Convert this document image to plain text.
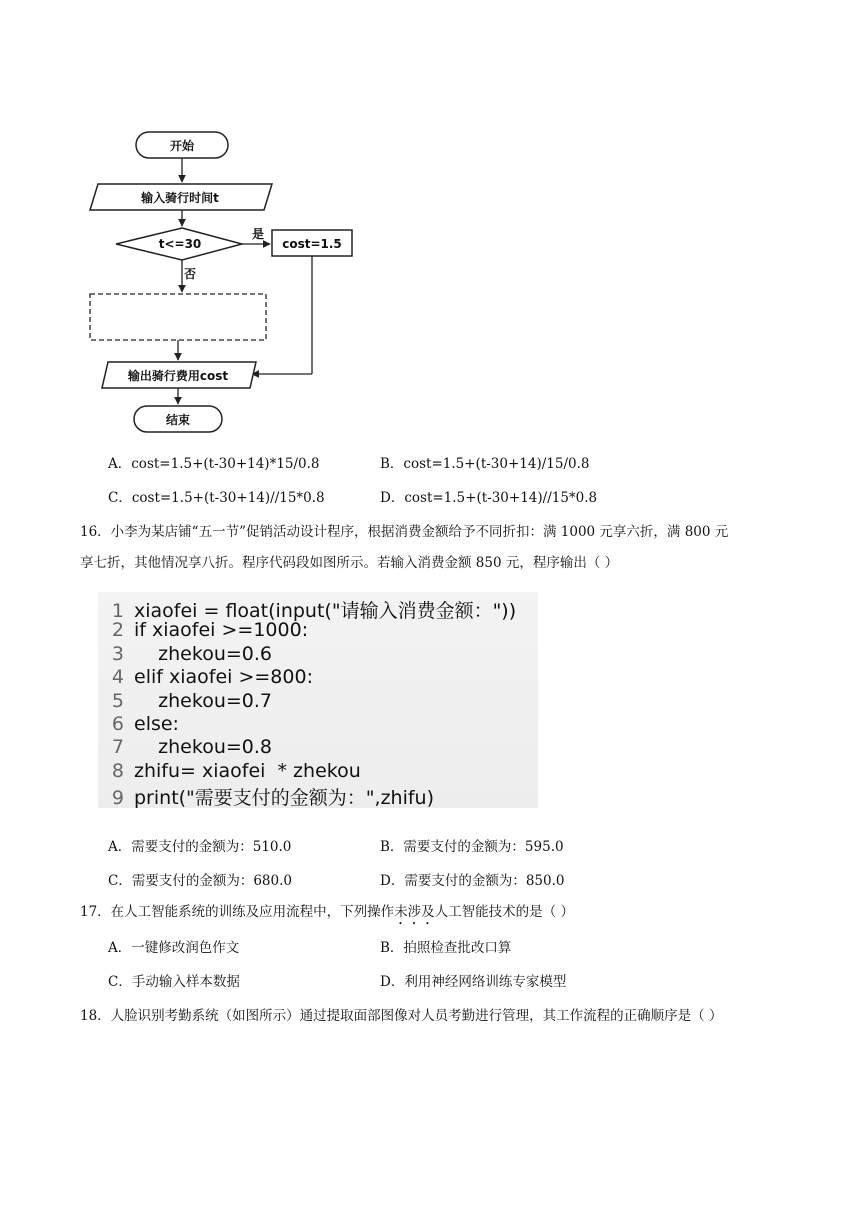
开始
输入骑行时间t
t<=30
是
cost=1.5
否
输出骑行费用cost
结束
A．cost=1.5+(t-30+14)*15/0.8	B．cost=1.5+(t-30+14)/15/0.8
C．cost=1.5+(t-30+14)//15*0.8	D．cost=1.5+(t-30+14)//15*0.8
16．小李为某店铺“五一节”促销活动设计程序，根据消费金额给予不同折扣：满 1000 元享六折，满 800 元
享七折，其他情况享八折。程序代码段如图所示。若输入消费金额 850 元，程序输出（ ）
1 xiaofei = float(input("请输入消费金额："))
2 if xiaofei >=1000:
3    zhekou=0.6
4 elif xiaofei >=800:
5    zhekou=0.7
6 else:
7    zhekou=0.8
8 zhifu= xiaofei  * zhekou
9 print("需要支付的金额为：",zhifu)
A．需要支付的金额为：510.0	B．需要支付的金额为：595.0
C．需要支付的金额为：680.0	D．需要支付的金额为：850.0
17．在人工智能系统的训练及应用流程中，下列操作未涉及人工智能技术的是（ ）
A．一键修改润色作文	B．拍照检查批改口算
C．手动输入样本数据	D．利用神经网络训练专家模型
18．人脸识别考勤系统（如图所示）通过提取面部图像对人员考勤进行管理，其工作流程的正确顺序是（ ）
